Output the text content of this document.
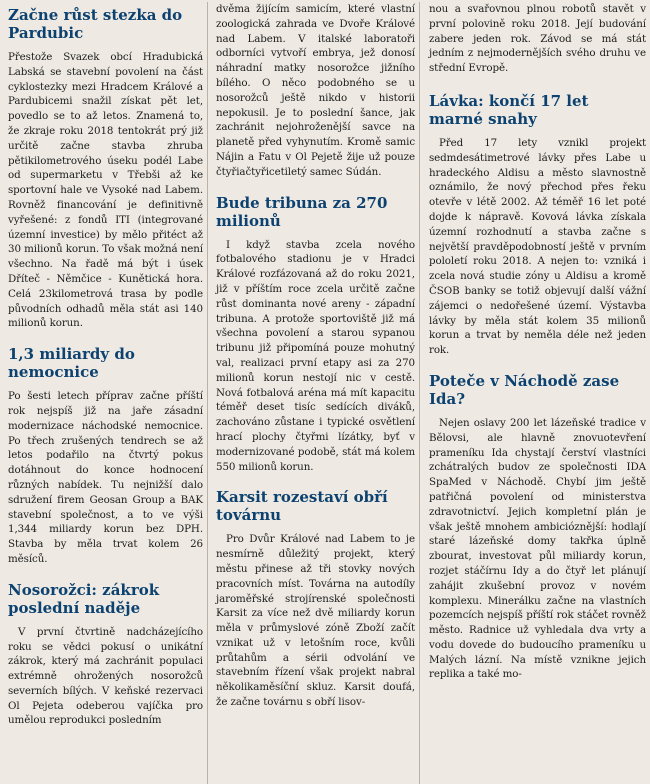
Začne růst stezka do Pardubic

Přestože Svazek obcí Hradubická Labská se stavební povolení na část cyklostezky mezi Hradcem Králové a Pardubicemi snažil získat pět let, povedlo se to až letos. Znamená to, že zkraje roku 2018 tentokrát prý již určitě začne stavba zhruba pětikilometrového úseku podél Labe od supermarketu v Třebši až ke sportovní hale ve Vysoké nad Labem. Rovněž financování je definitivně vyřešené: z fondů ITI (integrované územní investice) by mělo přitéct až 30 milionů korun. To však možná není všechno. Na řadě má být i úsek Dříteč - Němčice - Kunětická hora. Celá 23kilometrová trasa by podle původních odhadů měla stát asi 140 milionů korun.

1,3 miliardy do nemocnice

Po šesti letech příprav začne příští rok nejspíš již na jaře zásadní modernizace náchodské nemocnice. Po třech zrušených tendrech se až letos podařilo na čtvrtý pokus dotáhnout do konce hodnocení různých nabídek. Tu nejnižší dalo sdružení firem Geosan Group a BAK stavební společnost, a to ve výši 1,344 miliardy korun bez DPH. Stavba by měla trvat kolem 26 měsíců.

Nosorožci: zákrok poslední naděje

V první čtvrtině nadcházejícího roku se vědci pokusí o unikátní zákrok, který má zachránit populaci extrémně ohrožených nosorožců severních bílých. V keňské rezervaci Ol Pejeta odeberou vajíčka pro umělou reprodukci posledním

dvěma žijícím samicím, které vlastní zoologická zahrada ve Dvoře Králové nad Labem. V italské laboratoři odborníci vytvoří embrya, jež donosí náhradní matky nosorožce jižního bílého. O něco podobného se u nosorožců ještě nikdo v historii nepokusil. Je to poslední šance, jak zachránit nejohroženější savce na planetě před vyhynutím. Kromě samic Nájin a Fatu v Ol Pejetě žije už pouze čtyřiačtyřicetiletý samec Súdán.

Bude tribuna za 270 milionů

I když stavba zcela nového fotbalového stadionu je v Hradci Králové rozfázovaná až do roku 2021, již v příštím roce zcela určitě začne růst dominanta nové areny - západní tribuna. A protože sportoviště již má všechna povolení a starou sypanou tribunu již připomíná pouze mohutný val, realizaci první etapy asi za 270 milionů korun nestojí nic v cestě. Nová fotbalová aréna má mít kapacitu téměř deset tisíc sedících diváků, zachováno zůstane i typické osvětlení hrací plochy čtyřmi lízátky, byť v modernizované podobě, stát má kolem 550 milionů korun.

Karsit rozestaví obří továrnu

Pro Dvůr Králové nad Labem to je nesmírně důležitý projekt, který městu přinese až tři stovky nových pracovních míst. Továrna na autodíly jaroměřské strojírenské společnosti Karsit za více než dvě miliardy korun měla v průmyslové zóně Zboží začít vznikat už v letošním roce, kvůli průtahům a sérii odvolání ve stavebním řízení však projekt nabral několikaměsíční skluz. Karsit doufá, že začne továrnu s obří lisov-

nou a svařovnou plnou robotů stavět v první polovině roku 2018. Její budování zabere jeden rok. Závod se má stát jedním z nejmodernějších svého druhu ve střední Evropě.

Lávka: končí 17 let marné snahy

Před 17 lety vznikl projekt sedmdesátimetrové lávky přes Labe u hradeckého Aldisu a město slavnostně oznámilo, že nový přechod přes řeku otevře v létě 2002. Až téměř 16 let poté dojde k nápravě. Kovová lávka získala územní rozhodnutí a stavba začne s největší pravděpodobností ještě v prvním pololetí roku 2018. A nejen to: vzniká i zcela nová studie zóny u Aldisu a kromě ČSOB banky se totiž objevují další vážní zájemci o nedořešené území. Výstavba lávky by měla stát kolem 35 milionů korun a trvat by neměla déle než jeden rok.

Poteče v Náchodě zase Ida?

Nejen oslavy 200 let lázeňské tradice v Bělovsi, ale hlavně znovuotevření prameníku Ida chystají čerství vlastníci zchátralých budov ze společnosti IDA SpaMed v Náchodě. Chybí jim ještě patřičná povolení od ministerstva zdravotnictví. Jejich kompletní plán je však ještě mnohem ambicióznější: hodlají staré lázeňské domy takřka úplně zbourat, investovat půl miliardy korun, rozjet stáčírnu Idy a do čtyř let plánují zahájit zkušební provoz v novém komplexu. Minerálku začne na vlastních pozemcích nejspíš příští rok stáčet rovněž město. Radnice už vyhledala dva vrty a vodu dovede do budoucího prameníku u Malých lázní. Na místě vznikne jejich replika a také mo-
